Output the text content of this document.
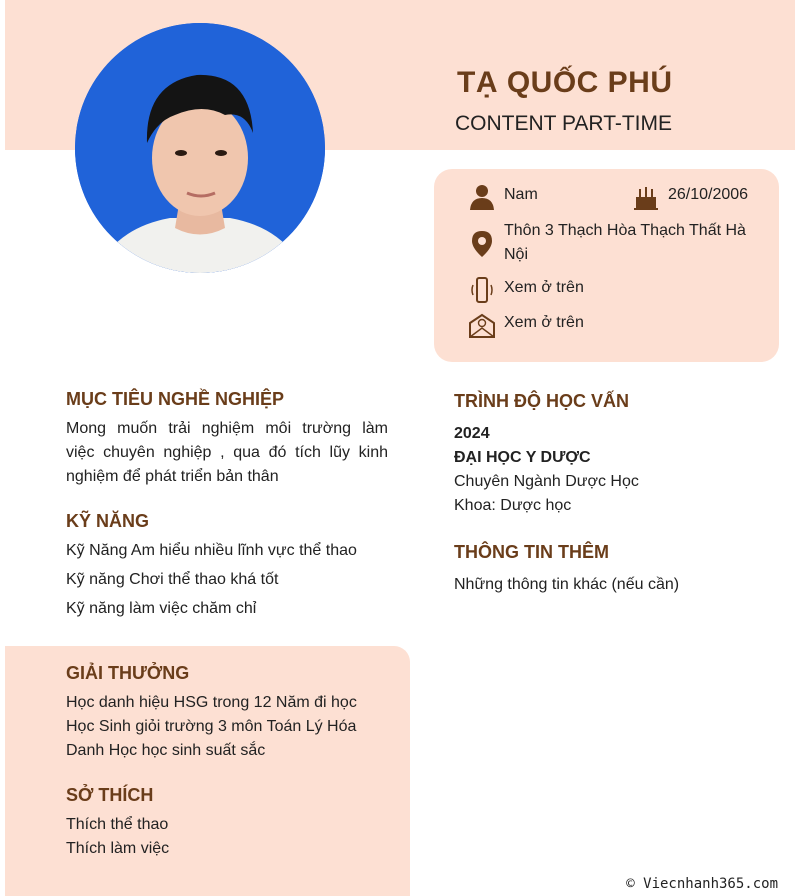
TẠ QUỐC PHÚ
CONTENT PART-TIME
Nam	26/10/2006
Thôn 3 Thạch Hòa Thạch Thất Hà
Nội
Xem ở trên
Xem ở trên
MỤC TIÊU NGHỀ NGHIỆP
Mong muốn trải nghiệm môi trường làm
việc chuyên nghiệp , qua đó tích lũy kinh
nghiệm để phát triển bản thân
KỸ NĂNG
Kỹ Năng Am hiểu nhiều lĩnh vực thể thao
Kỹ năng Chơi thể thao khá tốt
Kỹ năng làm việc chăm chỉ
TRÌNH ĐỘ HỌC VẤN
2024
ĐẠI HỌC Y DƯỢC
Chuyên Ngành Dược Học
Khoa: Dược học
THÔNG TIN THÊM
Những thông tin khác (nếu cần)
GIẢI THƯỞNG
Học danh hiệu HSG trong 12 Năm đi học
Học Sinh giỏi trường 3 môn Toán Lý Hóa
Danh Học học sinh suất sắc
SỞ THÍCH
Thích thể thao
Thích làm việc
© Viecnhanh365.com
